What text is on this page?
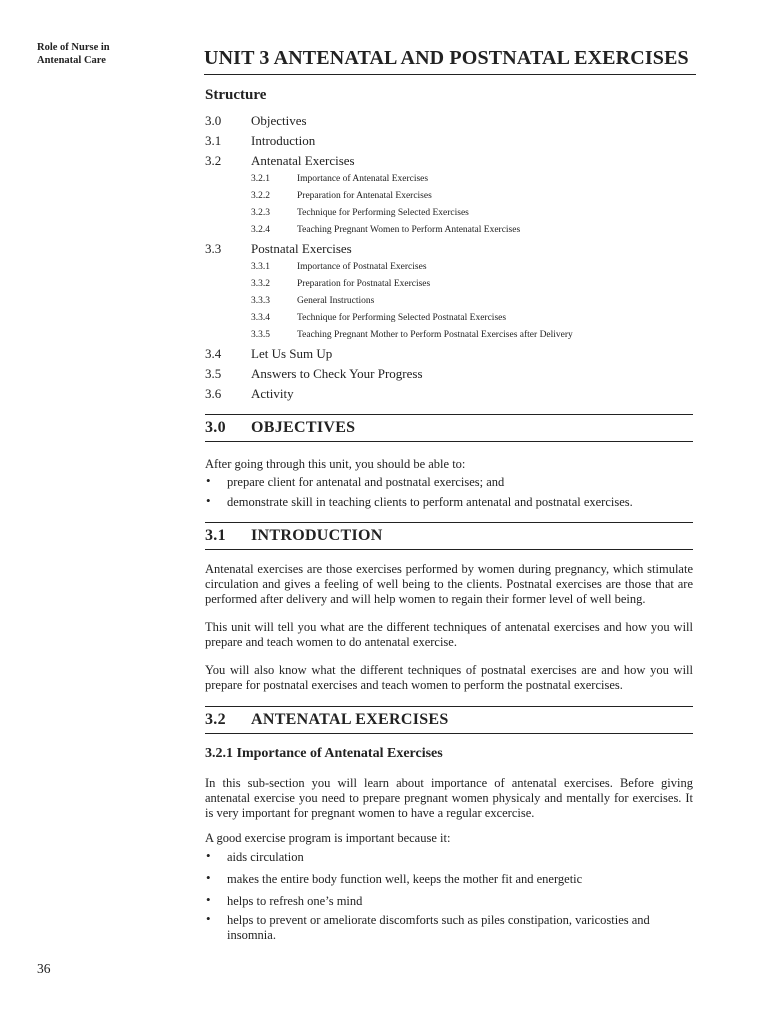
Role of Nurse in
Antenatal Care	UNIT 3 ANTENATAL AND POSTNATAL EXERCISES
Structure
3.0	Objectives
3.1	Introduction
3.2	Antenatal Exercises
3.2.1	Importance of Antenatal Exercises
3.2.2	Preparation for Antenatal Exercises
3.2.3	Technique for Performing Selected Exercises
3.2.4	Teaching Pregnant Women to Perform Antenatal Exercises
3.3	Postnatal Exercises
3.3.1	Importance of Postnatal Exercises
3.3.2	Preparation for Postnatal Exercises
3.3.3	General Instructions
3.3.4	Technique for Performing Selected Postnatal Exercises
3.3.5	Teaching Pregnant Mother to Perform Postnatal Exercises after Delivery
3.4	Let Us Sum Up
3.5	Answers to Check Your Progress
3.6	Activity
3.0	OBJECTIVES

After going through this unit, you should be able to:

• prepare client for antenatal and postnatal exercises; and
• demonstrate skill in teaching clients to perform antenatal and postnatal exercises.
3.1	INTRODUCTION

Antenatal exercises are those exercises performed by women during pregnancy, which stimulate circulation and gives a feeling of well being to the clients. Postnatal exercises are those that are performed after delivery and will help women to regain their former level of well being.

This unit will tell you what are the different techniques of antenatal exercises and how you will prepare and teach women to do antenatal exercise.

You will also know what the different techniques of postnatal exercises are and how you will prepare for postnatal exercises and teach women to perform the postnatal exercises.

3.2	ANTENATAL EXERCISES
3.2.1 Importance of Antenatal Exercises

In this sub-section you will learn about importance of antenatal exercises. Before giving antenatal exercise you need to prepare pregnant women physicaly and mentally for exercises. It is very important for pregnant women to have a regular excercise.

A good exercise program is important because it:

• aids circulation
• makes the entire body function well, keeps the mother fit and energetic
• helps to refresh one’s mind
• helps to prevent or ameliorate discomforts such as piles constipation, varicosties and insomnia.
36
